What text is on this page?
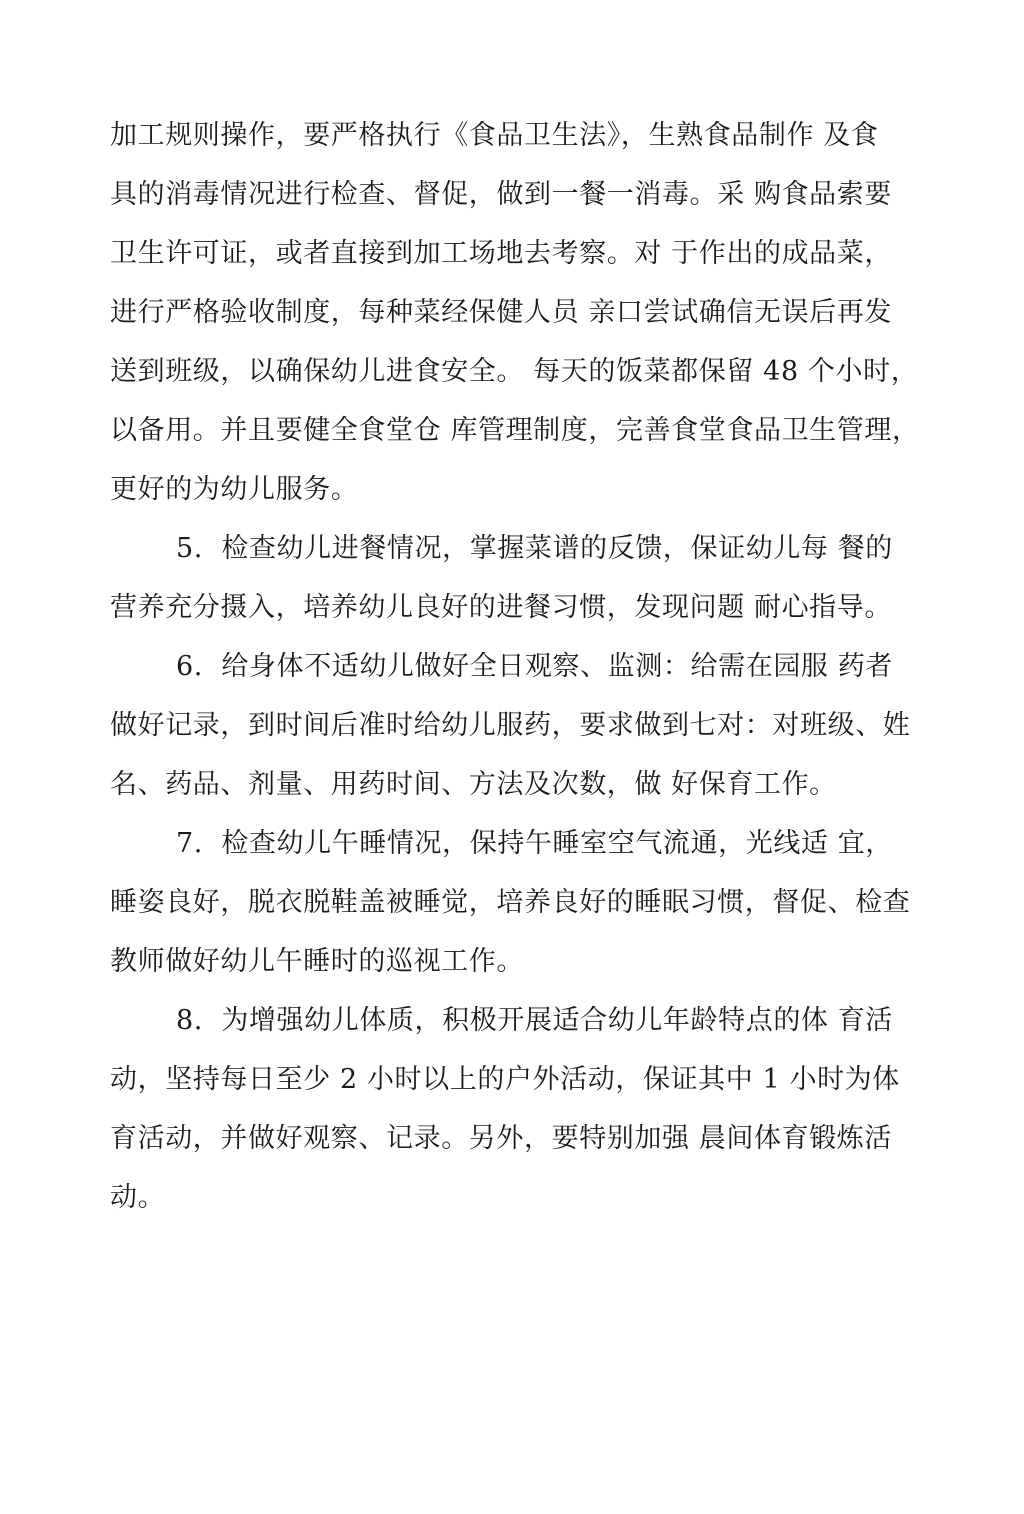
加工规则操作，要严格执行《食品卫生法》，生熟食品制作 及食
具的消毒情况进行检查、督促，做到一餐一消毒。采 购食品索要
卫生许可证，或者直接到加工场地去考察。对 于作出的成品菜，
进行严格验收制度，每种菜经保健人员 亲口尝试确信无误后再发
送到班级，以确保幼儿进食安全。 每天的饭菜都保留 48 个小时，
以备用。并且要健全食堂仓 库管理制度，完善食堂食品卫生管理，
更好的为幼儿服务。
5.  检查幼儿进餐情况，掌握菜谱的反馈，保证幼儿每 餐的
营养充分摄入，培养幼儿良好的进餐习惯，发现问题 耐心指导。
6.  给身体不适幼儿做好全日观察、监测：给需在园服 药者
做好记录，到时间后准时给幼儿服药，要求做到七对：对班级、姓
名、药品、剂量、用药时间、方法及次数，做 好保育工作。
7.  检查幼儿午睡情况，保持午睡室空气流通，光线适 宜，
睡姿良好，脱衣脱鞋盖被睡觉，培养良好的睡眠习惯，督促、检查
教师做好幼儿午睡时的巡视工作。
8.  为增强幼儿体质，积极开展适合幼儿年龄特点的体 育活
动，坚持每日至少 2 小时以上的户外活动，保证其中 1 小时为体
育活动，并做好观察、记录。另外，要特别加强 晨间体育锻炼活
动。
